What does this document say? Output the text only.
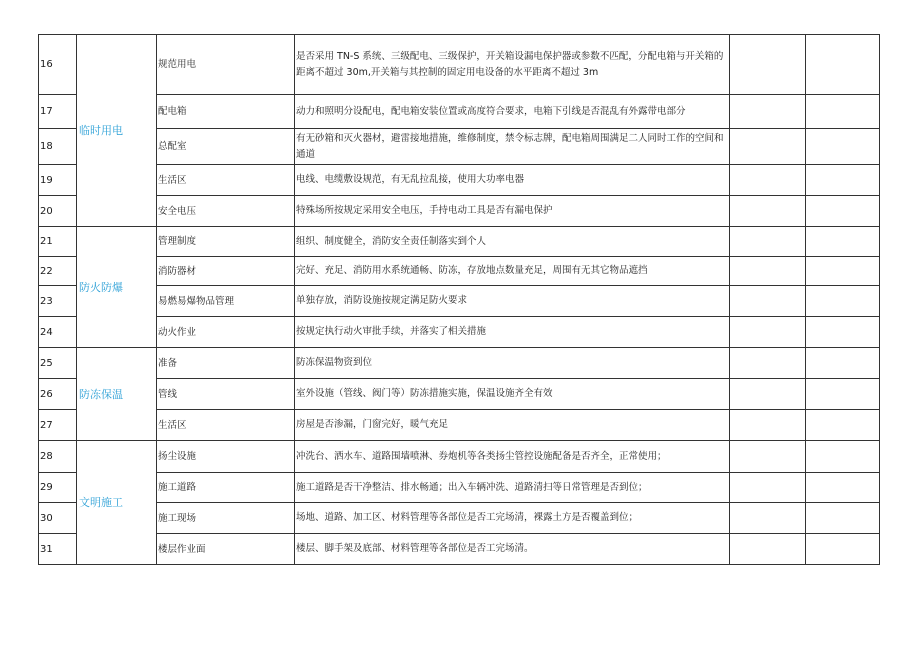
16	临时用电	规范用电	是否采用 TN-S 系统、三级配电、三级保护，开关箱设漏电保护器或参数不匹配，分配电箱与开关箱的距离不超过 30m,开关箱与其控制的固定用电设备的水平距离不超过 3m		
17		配电箱	动力和照明分设配电，配电箱安装位置或高度符合要求，电箱下引线是否混乱有外露带电部分		
18		总配室	有无砂箱和灭火器材，避雷接地措施，维修制度，禁令标志牌，配电箱周围满足二人同时工作的空间和通道		
19		生活区	电线、电缆敷设规范，有无乱拉乱接，使用大功率电器		
20		安全电压	特殊场所按规定采用安全电压，手持电动工具是否有漏电保护		
21	防火防爆	管理制度	组织、制度健全，消防安全责任制落实到个人		
22		消防器材	完好、充足、消防用水系统通畅、防冻，存放地点数量充足，周围有无其它物品遮挡		
23		易燃易爆物品管理	单独存放，消防设施按规定满足防火要求		
24		动火作业	按规定执行动火审批手续，并落实了相关措施		
25	防冻保温	准备	防冻保温物资到位		
26		管线	室外设施（管线、阀门等）防冻措施实施，保温设施齐全有效		
27		生活区	房屋是否渗漏，门窗完好，暖气充足		
28	文明施工	扬尘设施	冲洗台、洒水车、道路围墙喷淋、券炮机等各类扬尘管控设施配备是否齐全，正常使用；		
29		施工道路	施工道路是否干净整洁、排水畅通；出入车辆冲洗、道路清扫等日常管理是否到位；		
30		施工现场	场地、道路、加工区、材料管理等各部位是否工完场清，裸露土方是否覆盖到位；		
31		楼层作业面	楼层、脚手架及底部、材料管理等各部位是否工完场清。		
